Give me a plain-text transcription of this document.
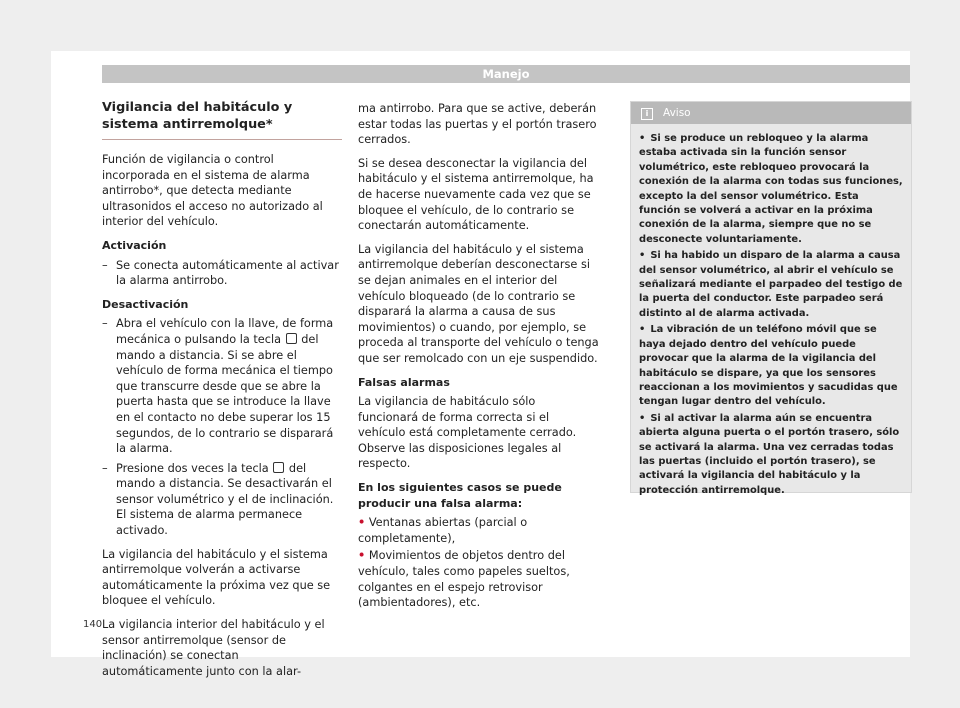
Manejo
Vigilancia del habitáculo y sistema antirremolque*

Función de vigilancia o control incorporada en el sistema de alarma antirrobo*, que detecta mediante ultrasonidos el acceso no autorizado al interior del vehículo.

Activación
– Se conecta automáticamente al activar la alarma antirrobo.
Desactivación
– Abra el vehículo con la llave, de forma mecánica o pulsando la tecla del mando a distancia. Si se abre el vehículo de forma mecánica el tiempo que transcurre desde que se abre la puerta hasta que se introduce la llave en el contacto no debe superar los 15 segundos, de lo contrario se disparará la alarma.
– Presione dos veces la tecla del mando a distancia. Se desactivarán el sensor volumétrico y el de inclinación. El sistema de alarma permanece activado.

La vigilancia del habitáculo y el sistema antirremolque volverán a activarse automáticamente la próxima vez que se bloquee el vehículo.

La vigilancia interior del habitáculo y el sensor antirremolque (sensor de inclinación) se conectan automáticamente junto con la alar-

ma antirrobo. Para que se active, deberán estar todas las puertas y el portón trasero cerrados.

Si se desea desconectar la vigilancia del habitáculo y el sistema antirremolque, ha de hacerse nuevamente cada vez que se bloquee el vehículo, de lo contrario se conectarán automáticamente.

La vigilancia del habitáculo y el sistema antirremolque deberían desconectarse si se dejan animales en el interior del vehículo bloqueado (de lo contrario se disparará la alarma a causa de sus movimientos) o cuando, por ejemplo, se proceda al transporte del vehículo o tenga que ser remolcado con un eje suspendido.

Falsas alarmas

La vigilancia de habitáculo sólo funcionará de forma correcta si el vehículo está completamente cerrado. Observe las disposiciones legales al respecto.

En los siguientes casos se puede producir una falsa alarma:
• Ventanas abiertas (parcial o completamente),
• Movimientos de objetos dentro del vehículo, tales como papeles sueltos, colgantes en el espejo retrovisor (ambientadores), etc.
i Aviso
• Si se produce un rebloqueo y la alarma estaba activada sin la función sensor volumétrico, este rebloqueo provocará la conexión de la alarma con todas sus funciones, excepto la del sensor volumétrico. Esta función se volverá a activar en la próxima conexión de la alarma, siempre que no se desconecte voluntariamente.
• Si ha habido un disparo de la alarma a causa del sensor volumétrico, al abrir el vehículo se señalizará mediante el parpadeo del testigo de la puerta del conductor. Este parpadeo será distinto al de alarma activada.
• La vibración de un teléfono móvil que se haya dejado dentro del vehículo puede provocar que la alarma de la vigilancia del habitáculo se dispare, ya que los sensores reaccionan a los movimientos y sacudidas que tengan lugar dentro del vehículo.
• Si al activar la alarma aún se encuentra abierta alguna puerta o el portón trasero, sólo se activará la alarma. Una vez cerradas todas las puertas (incluido el portón trasero), se activará la vigilancia del habitáculo y la protección antirremolque.
140
